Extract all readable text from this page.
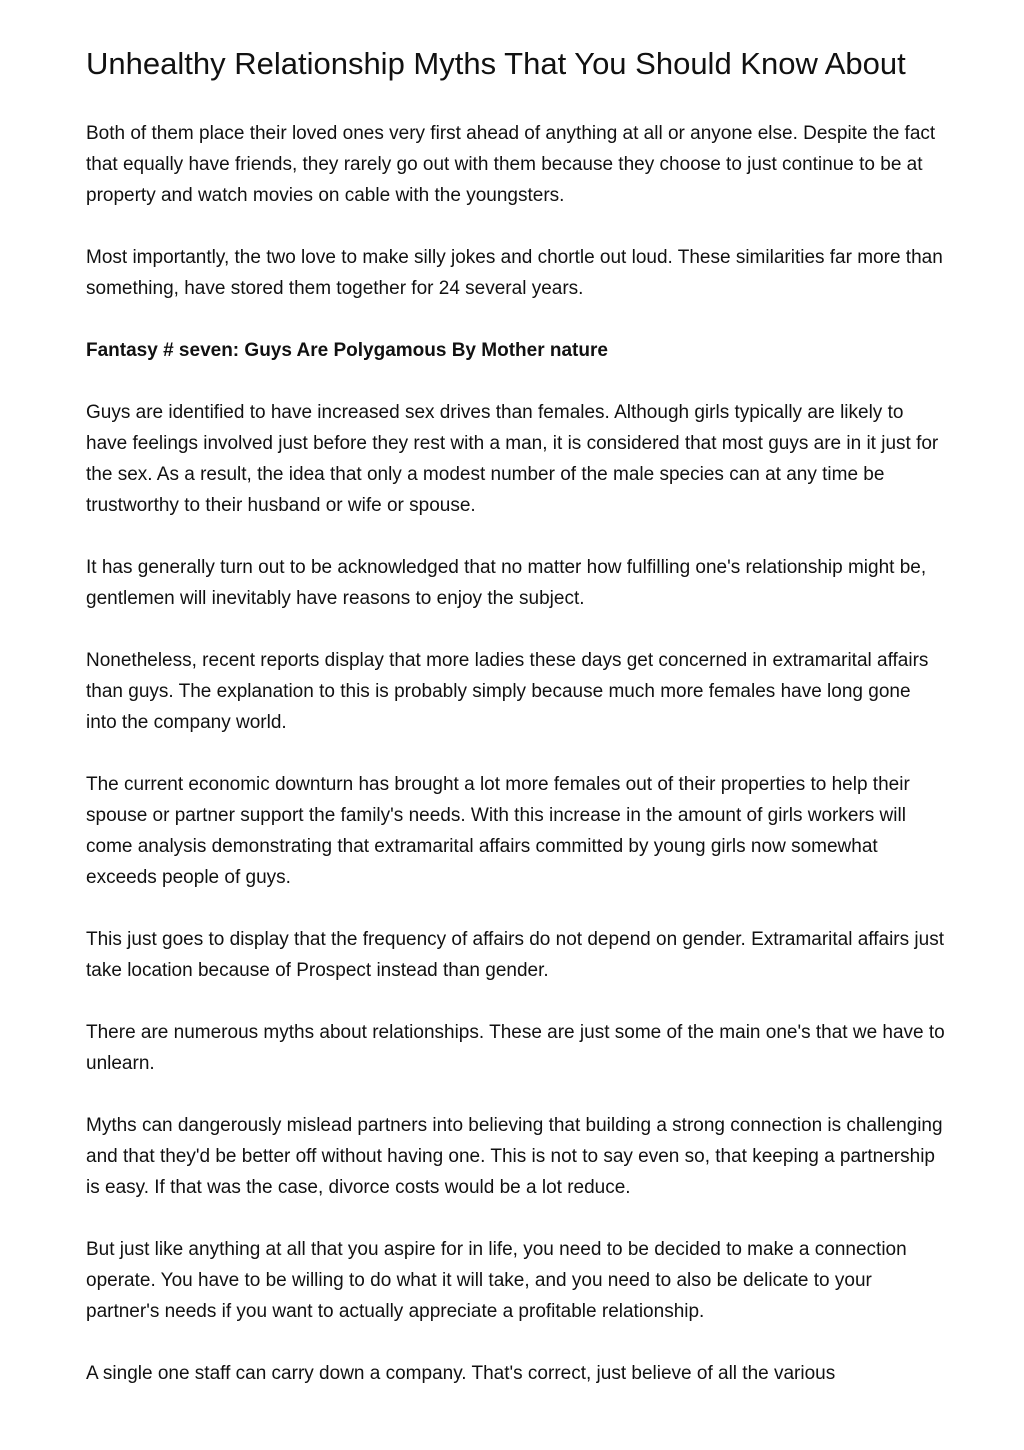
Unhealthy Relationship Myths That You Should Know About

Both of them place their loved ones very first ahead of anything at all or anyone else. Despite the fact that equally have friends, they rarely go out with them because they choose to just continue to be at property and watch movies on cable with the youngsters.

Most importantly, the two love to make silly jokes and chortle out loud. These similarities far more than something, have stored them together for 24 several years.

Fantasy # seven: Guys Are Polygamous By Mother nature

Guys are identified to have increased sex drives than females. Although girls typically are likely to have feelings involved just before they rest with a man, it is considered that most guys are in it just for the sex. As a result, the idea that only a modest number of the male species can at any time be trustworthy to their husband or wife or spouse.

It has generally turn out to be acknowledged that no matter how fulfilling one's relationship might be, gentlemen will inevitably have reasons to enjoy the subject.

Nonetheless, recent reports display that more ladies these days get concerned in extramarital affairs than guys. The explanation to this is probably simply because much more females have long gone into the company world.

The current economic downturn has brought a lot more females out of their properties to help their spouse or partner support the family's needs. With this increase in the amount of girls workers will come analysis demonstrating that extramarital affairs committed by young girls now somewhat exceeds people of guys.

This just goes to display that the frequency of affairs do not depend on gender. Extramarital affairs just take location because of Prospect instead than gender.

There are numerous myths about relationships. These are just some of the main one's that we have to unlearn.

Myths can dangerously mislead partners into believing that building a strong connection is challenging and that they'd be better off without having one. This is not to say even so, that keeping a partnership is easy. If that was the case, divorce costs would be a lot reduce.

But just like anything at all that you aspire for in life, you need to be decided to make a connection operate. You have to be willing to do what it will take, and you need to also be delicate to your partner's needs if you want to actually appreciate a profitable relationship.

A single one staff can carry down a company. That's correct, just believe of all the various
